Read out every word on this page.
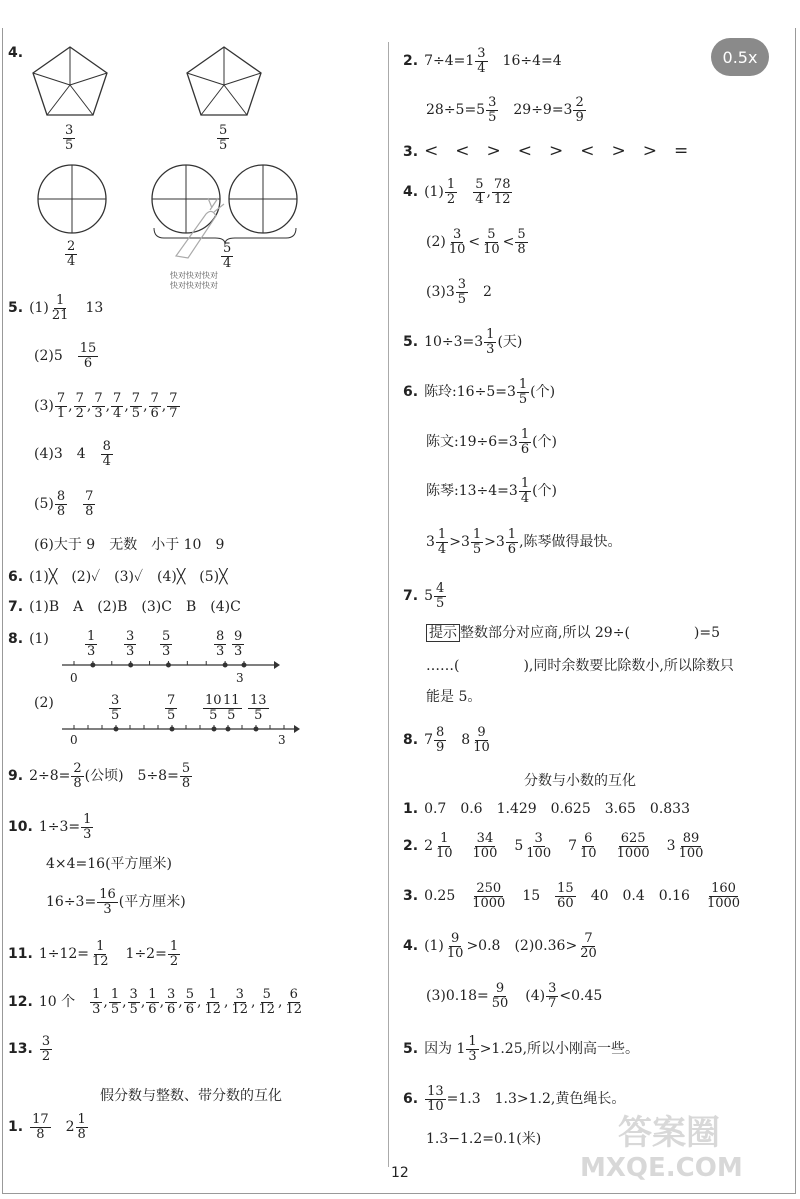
0.5x
4.
$\frac{3}{5}$	$\frac{5}{5}$
快对快对快对
快对快对快对
$\frac{2}{4}$	$\frac{5}{4}$
5. $(1) \frac{1}{21}$
　 13
(2)5　 $\frac{15}{6}$
$(3) \frac{7}{1}$ , $\frac{7}{2}$ , $\frac{7}{3}$ , $\frac{7}{4}$ , $\frac{7}{5}$ , $\frac{7}{6}$ , $\frac{7}{7}$
(4)3　4　 $\frac{8}{4}$
$(5) \frac{8}{8}$
　 $\frac{7}{8}$
(6)大于 9　无数　小于 10　9
6. (1)╳　(2)✓　(3)✓　(4)╳　(5)╳
7. (1)B　A　(2)B　(3)C　B　(4)C
8. (1)	$\frac{1}{3} \frac{3}{3} \frac{5}{3}$	$\frac{8}{3} \frac{9}{3}$
0	3
(2)	$\frac{3}{5}$	$\frac{7}{5} \frac{10}{5}$
$\frac{11}{5} \frac{13}{5}$
0	3
9. $2\div 8= \frac{2}{8}$ (公顷)　$5\div 8= \frac{5}{8}$
10. $1\div 3= \frac{1}{3}$
4×4=16(平方厘米)
$16\div 3= \frac{16}{3}$ (平方厘米)
11. $1\div 12= \frac{1}{12}$
　 $1\div 2= \frac{1}{2}$
12. 10 个　 $\frac{1}{3}$ , $\frac{1}{5}$ , $\frac{3}{5}$ , $\frac{1}{6}$ , $\frac{3}{6}$ , $\frac{5}{6}$ , $\frac{1}{12}$ , $\frac{3}{12}$ , $\frac{5}{12}$ , $\frac{6}{12}$
13. $\frac{3}{2}$
假分数与整数、带分数的互化
1. $\frac{17}{8}$
　 $2 \frac{1}{8}$
2. $7\div 4=1 \frac{3}{4}$
　 16÷4=4
$28\div 5=5 \frac{3}{5}$
　 $29\div 9=3 \frac{2}{9}$
3. <　<　>　<　>　<　>　>　=
4. $(1) \frac{1}{2}$
　 $\frac{5}{4}$ , $\frac{78}{12}$
$(2) \frac{3}{10} < \frac{5}{10} < \frac{5}{8}$
$(3)3 \frac{3}{5}$
　 2
5. $10\div 3=3 \frac{1}{3}$ (天)
6. 陈玲:16÷5=3 $\frac{1}{5}$ (个)
陈文:19÷6=3 $\frac{1}{6}$ (个)
陈琴:13÷4=3 $\frac{1}{4}$ (个)
$3 \frac{1}{4} >3 \frac{1}{5} >3 \frac{1}{6}$ ,陈琴做得最快。
7. $5 \frac{4}{5}$
提示 整数部分对应商,所以 29÷(	)=5
……(	),同时余数要比除数小,所以除数只
能是 5。
8. $7 \frac{8}{9}$
　 $8 \frac{9}{10}$
分数与小数的互化
1. 0.7　0.6　1.429　0.625　3.65　0.833
2. $2 \frac{1}{10}$
　 $\frac{34}{100}$
　 $5 \frac{3}{100}$
　 $7 \frac{6}{10}$
　 $\frac{625}{1000}$
　 $3 \frac{89}{100}$
3. 0.25　 $\frac{250}{1000}$
　 15　 $\frac{15}{60}$
　 40　0.4　0.16　 $\frac{160}{1000}$
4. $(1) \frac{9}{10} >0.8$　$(2)0.36> \frac{7}{20}$
$(3)0.18= \frac{9}{50}$
　 $(4) \frac{3}{7} <0.45$
5. 因为 $1 \frac{1}{3} >1.25$,所以小刚高一些。
6. $\frac{13}{10} =1.3$　1.3>1.2,黄色绳长。
1.3−1.2=0.1(米) 答案圈
MXQE.COM
12
